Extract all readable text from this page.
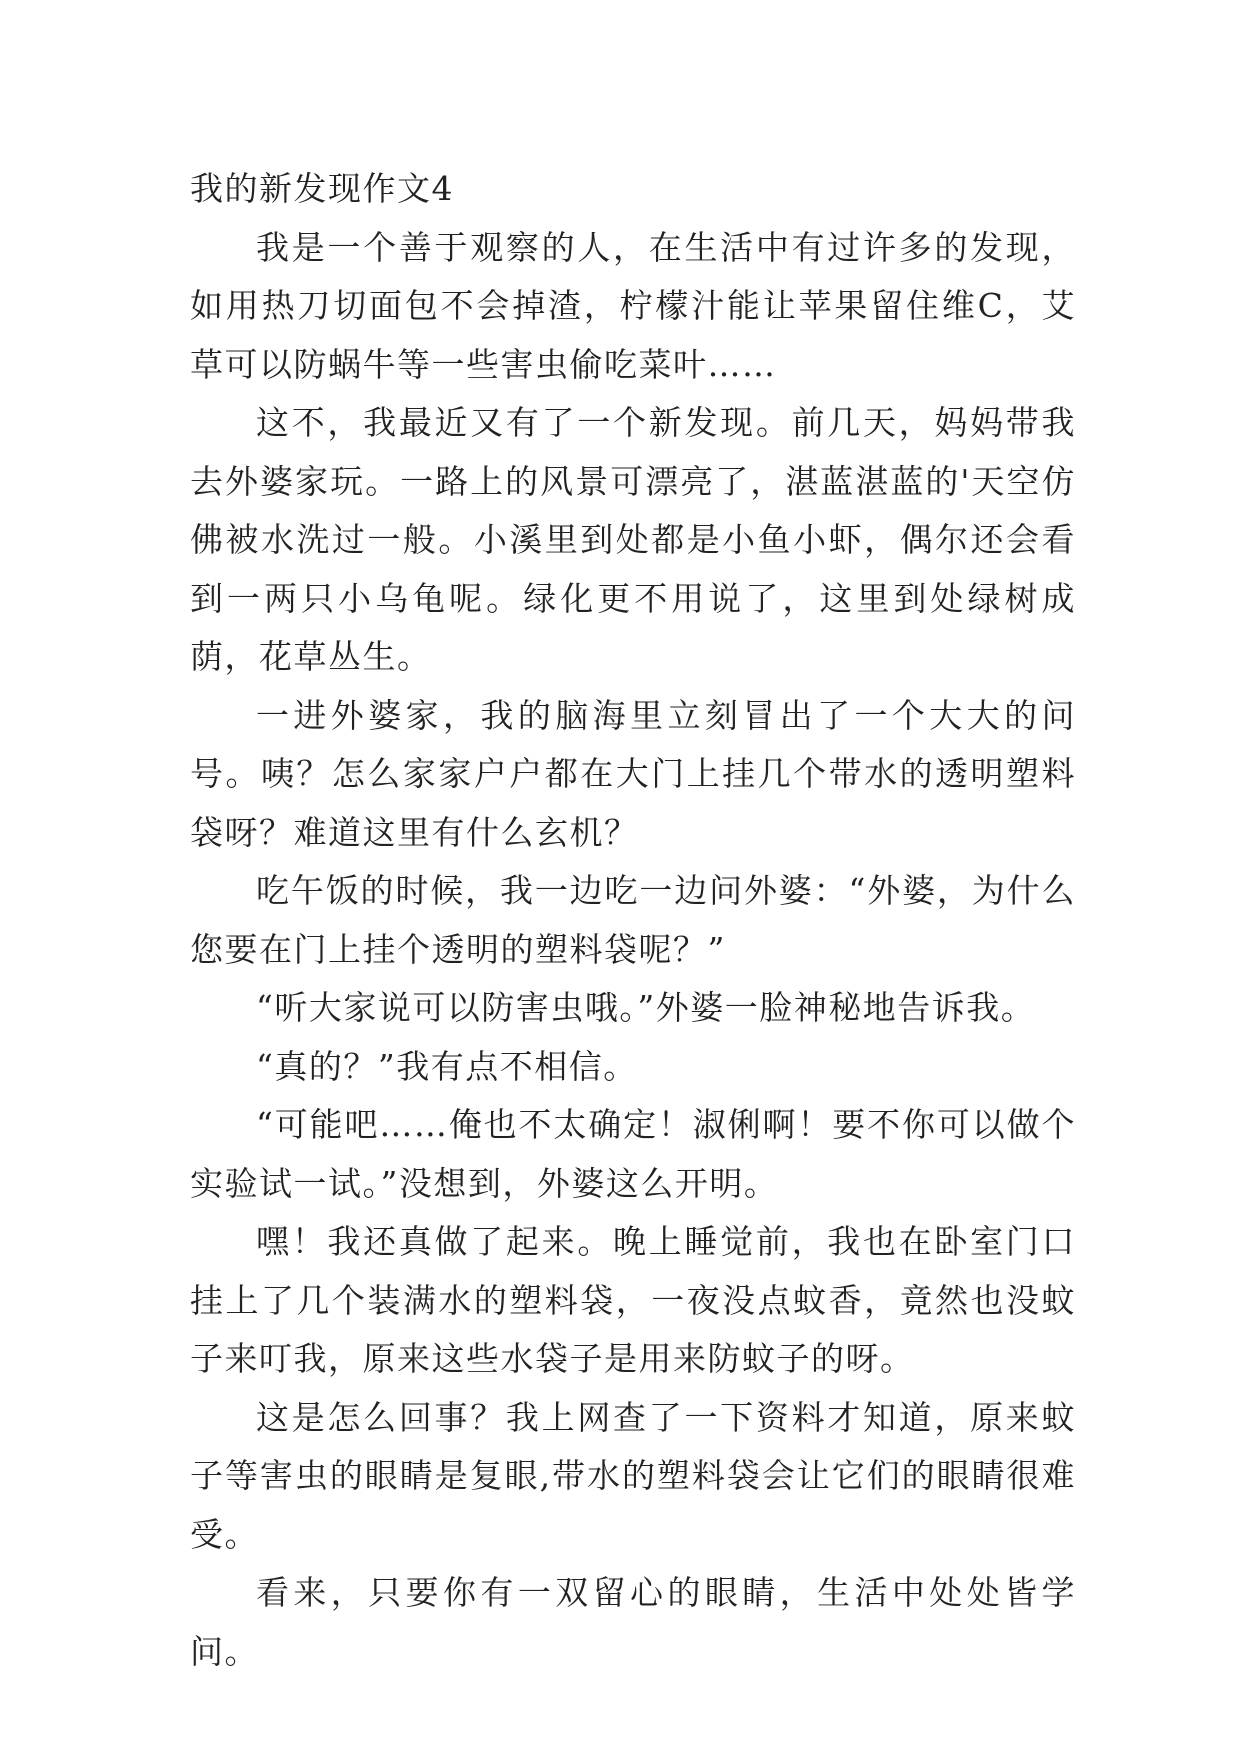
我的新发现作文4

我是一个善于观察的人，在生活中有过许多的发现，如用热刀切面包不会掉渣，柠檬汁能让苹果留住维C，艾草可以防蜗牛等一些害虫偷吃菜叶……

这不，我最近又有了一个新发现。前几天，妈妈带我去外婆家玩。一路上的风景可漂亮了，湛蓝湛蓝的'天空仿佛被水洗过一般。小溪里到处都是小鱼小虾，偶尔还会看到一两只小乌龟呢。绿化更不用说了，这里到处绿树成荫，花草丛生。

一进外婆家，我的脑海里立刻冒出了一个大大的问号。咦？怎么家家户户都在大门上挂几个带水的透明塑料袋呀？难道这里有什么玄机？

吃午饭的时候，我一边吃一边问外婆：“外婆，为什么您要在门上挂个透明的塑料袋呢？”

“听大家说可以防害虫哦。”外婆一脸神秘地告诉我。

“真的？”我有点不相信。

“可能吧……俺也不太确定！淑俐啊！要不你可以做个实验试一试。”没想到，外婆这么开明。

嘿！我还真做了起来。晚上睡觉前，我也在卧室门口挂上了几个装满水的塑料袋，一夜没点蚊香，竟然也没蚊子来叮我，原来这些水袋子是用来防蚊子的呀。

这是怎么回事？我上网查了一下资料才知道，原来蚊子等害虫的眼睛是复眼,带水的塑料袋会让它们的眼睛很难受。

看来，只要你有一双留心的眼睛，生活中处处皆学问。
